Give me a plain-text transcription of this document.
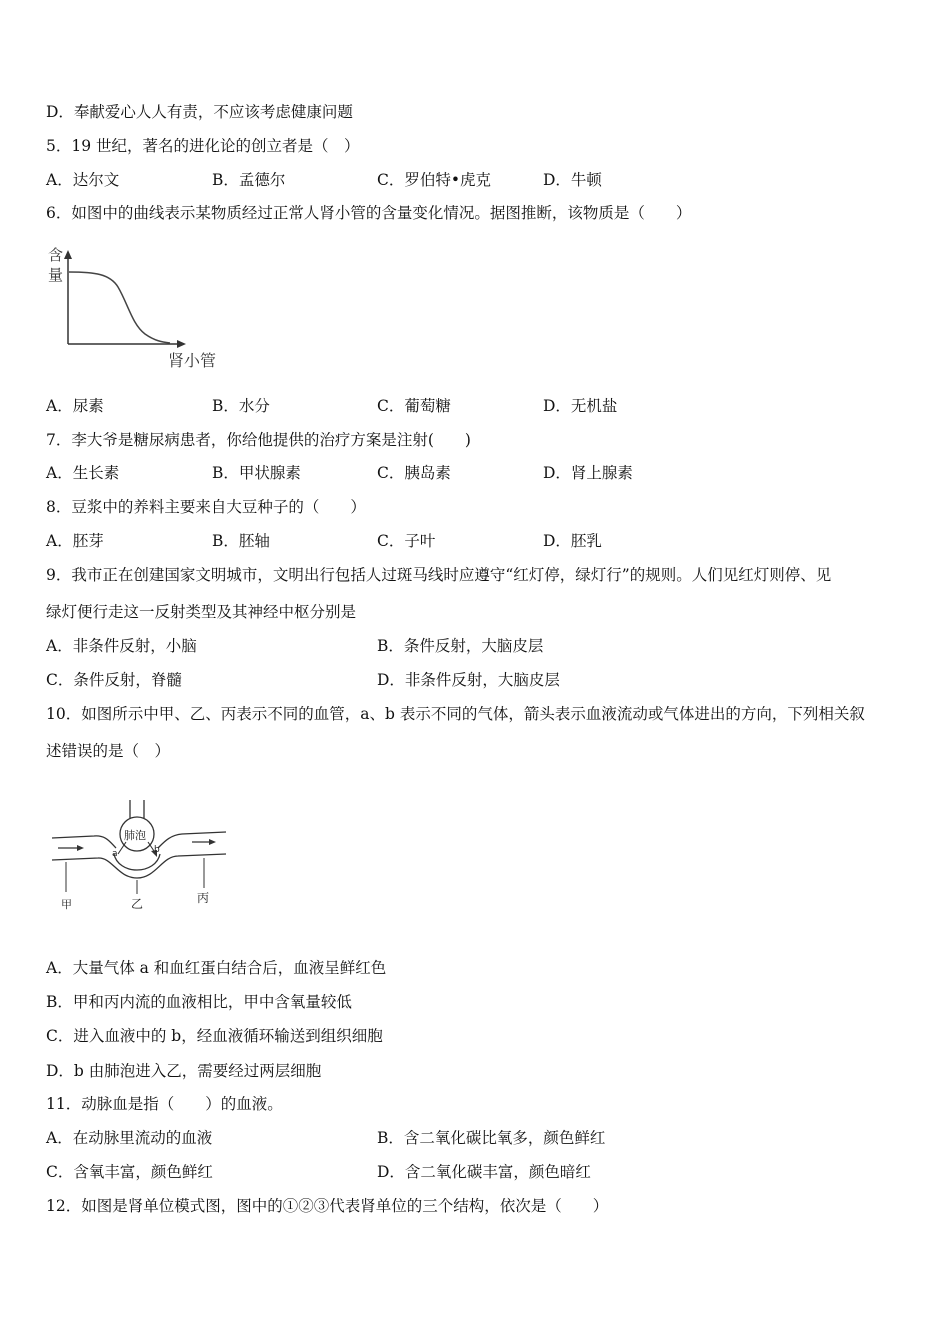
D．奉献爱心人人有责，不应该考虑健康问题
5．19 世纪，著名的进化论的创立者是（　）
A．达尔文	B．孟德尔	C．罗伯特•虎克	D．牛顿
6．如图中的曲线表示某物质经过正常人肾小管的含量变化情况。据图推断，该物质是（　　）
含
量
肾小管
A．尿素	B．水分	C．葡萄糖	D．无机盐
7．李大爷是糖尿病患者，你给他提供的治疗方案是注射(　　)
A．生长素	B．甲状腺素	C．胰岛素	D．肾上腺素
8．豆浆中的养料主要来自大豆种子的（　　）
A．胚芽	B．胚轴	C．子叶	D．胚乳
9．我市正在创建国家文明城市，文明出行包括人过斑马线时应遵守“红灯停，绿灯行”的规则。人们见红灯则停、见
绿灯便行走这一反射类型及其神经中枢分别是
A．非条件反射，小脑	B．条件反射，大脑皮层
C．条件反射，脊髓	D．非条件反射，大脑皮层
10．如图所示中甲、乙、丙表示不同的血管，a、b 表示不同的气体，箭头表示血液流动或气体进出的方向，下列相关叙
述错误的是（　）
肺泡
a	b
甲	乙	丙
A．大量气体 a 和血红蛋白结合后，血液呈鲜红色
B．甲和丙内流的血液相比，甲中含氧量较低
C．进入血液中的 b，经血液循环输送到组织细胞
D．b 由肺泡进入乙，需要经过两层细胞
11．动脉血是指（　　）的血液。
A．在动脉里流动的血液	B．含二氧化碳比氧多，颜色鲜红
C．含氧丰富，颜色鲜红	D．含二氧化碳丰富，颜色暗红
12．如图是肾单位模式图，图中的①②③代表肾单位的三个结构，依次是（　　）
